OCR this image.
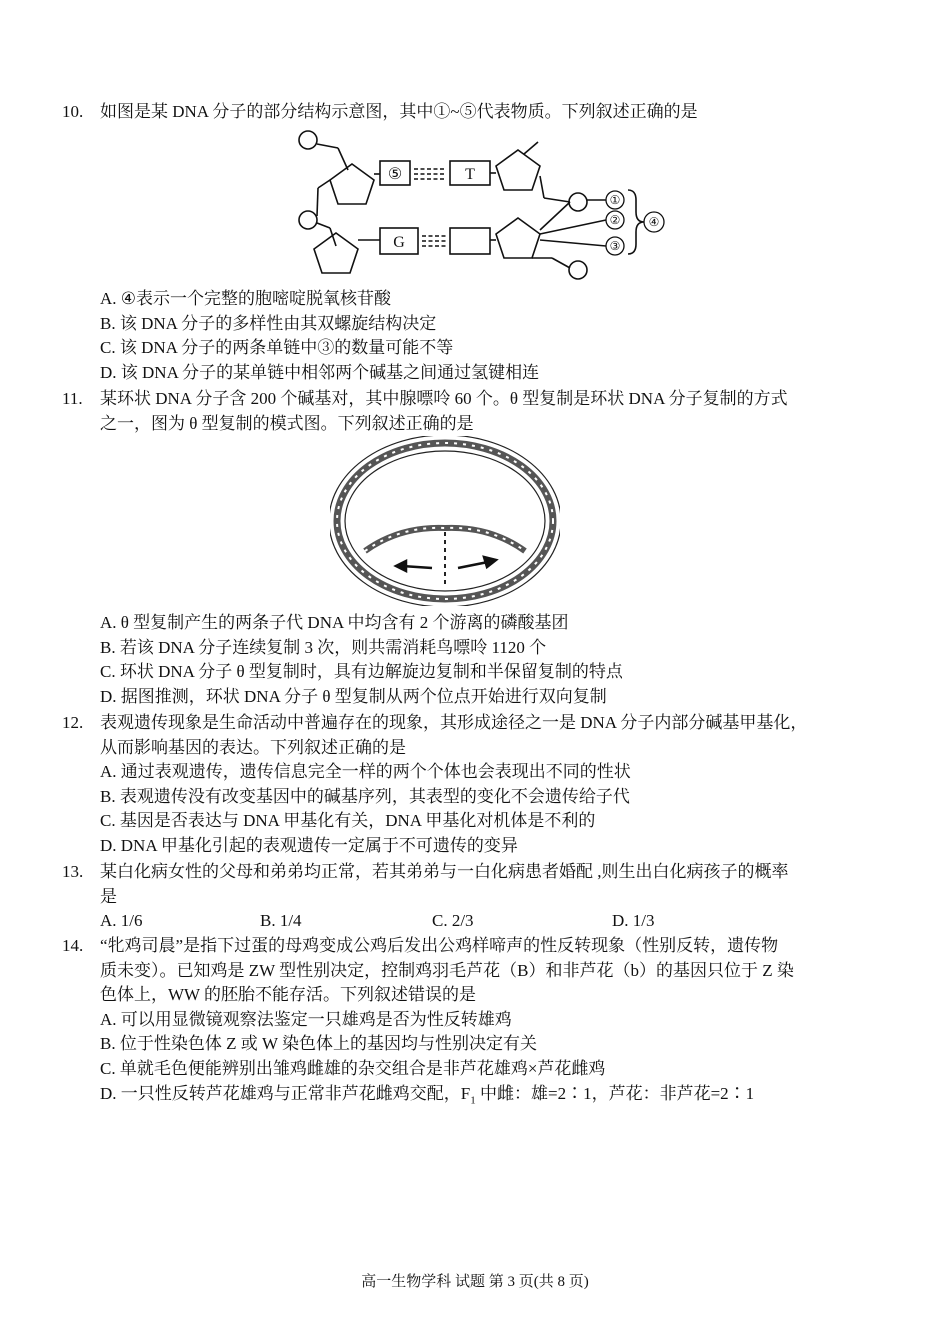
10. 如图是某 DNA 分子的部分结构示意图，其中①~⑤代表物质。下列叙述正确的是
⑤	T
G
①
②
③
④
A. ④表示一个完整的胞嘧啶脱氧核苷酸
B. 该 DNA 分子的多样性由其双螺旋结构决定
C. 该 DNA 分子的两条单链中③的数量可能不等
D. 该 DNA 分子的某单链中相邻两个碱基之间通过氢键相连
11. 某环状 DNA 分子含 200 个碱基对，其中腺嘌呤 60 个。θ 型复制是环状 DNA 分子复制的方式
之一，图为 θ 型复制的模式图。下列叙述正确的是
A. θ 型复制产生的两条子代 DNA 中均含有 2 个游离的磷酸基团
B. 若该 DNA 分子连续复制 3 次，则共需消耗鸟嘌呤 1120 个
C. 环状 DNA 分子 θ 型复制时，具有边解旋边复制和半保留复制的特点
D. 据图推测，环状 DNA 分子 θ 型复制从两个位点开始进行双向复制
12. 表观遗传现象是生命活动中普遍存在的现象，其形成途径之一是 DNA 分子内部分碱基甲基化，
从而影响基因的表达。下列叙述正确的是
A. 通过表观遗传，遗传信息完全一样的两个个体也会表现出不同的性状
B. 表观遗传没有改变基因中的碱基序列，其表型的变化不会遗传给子代
C. 基因是否表达与 DNA 甲基化有关，DNA 甲基化对机体是不利的
D. DNA 甲基化引起的表观遗传一定属于不可遗传的变异
13. 某白化病女性的父母和弟弟均正常，若其弟弟与一白化病患者婚配 ,则生出白化病孩子的概率
是
A. 1/6	B. 1/4	C. 2/3	D. 1/3
14. “牝鸡司晨”是指下过蛋的母鸡变成公鸡后发出公鸡样啼声的性反转现象（性别反转，遗传物
质未变）。已知鸡是 ZW 型性别决定，控制鸡羽毛芦花（B）和非芦花（b）的基因只位于 Z 染
色体上，WW 的胚胎不能存活。下列叙述错误的是
A. 可以用显微镜观察法鉴定一只雄鸡是否为性反转雄鸡
B. 位于性染色体 Z 或 W 染色体上的基因均与性别决定有关
C. 单就毛色便能辨别出雏鸡雌雄的杂交组合是非芦花雄鸡×芦花雌鸡
D. 一只性反转芦花雄鸡与正常非芦花雌鸡交配，$F_1$ 中雌：雄=2∶1，芦花：非芦花=2∶1
高一生物学科 试题 第 3 页(共 8 页)
